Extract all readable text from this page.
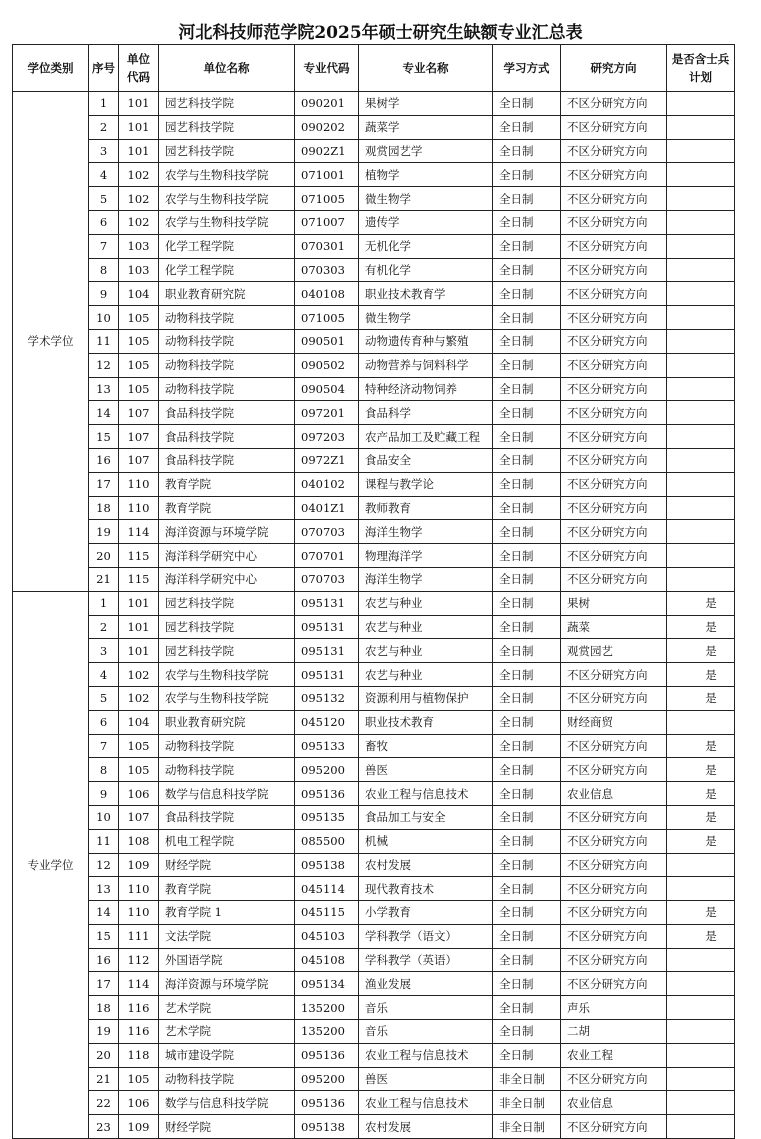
河北科技师范学院2025年硕士研究生缺额专业汇总表
学位类别	序号	单位代码	单位名称	专业代码	专业名称	学习方式	研究方向	是否含士兵计划
学术学位	1	101	园艺科技学院	090201	果树学	全日制	不区分研究方向	
	2	101	园艺科技学院	090202	蔬菜学	全日制	不区分研究方向	
	3	101	园艺科技学院	0902Z1	观赏园艺学	全日制	不区分研究方向	
	4	102	农学与生物科技学院	071001	植物学	全日制	不区分研究方向	
	5	102	农学与生物科技学院	071005	微生物学	全日制	不区分研究方向	
	6	102	农学与生物科技学院	071007	遗传学	全日制	不区分研究方向	
	7	103	化学工程学院	070301	无机化学	全日制	不区分研究方向	
	8	103	化学工程学院	070303	有机化学	全日制	不区分研究方向	
	9	104	职业教育研究院	040108	职业技术教育学	全日制	不区分研究方向	
	10	105	动物科技学院	071005	微生物学	全日制	不区分研究方向	
	11	105	动物科技学院	090501	动物遗传育种与繁殖	全日制	不区分研究方向	
	12	105	动物科技学院	090502	动物营养与饲料科学	全日制	不区分研究方向	
	13	105	动物科技学院	090504	特种经济动物饲养	全日制	不区分研究方向	
	14	107	食品科技学院	097201	食品科学	全日制	不区分研究方向	
	15	107	食品科技学院	097203	农产品加工及贮藏工程	全日制	不区分研究方向	
	16	107	食品科技学院	0972Z1	食品安全	全日制	不区分研究方向	
	17	110	教育学院	040102	课程与教学论	全日制	不区分研究方向	
	18	110	教育学院	0401Z1	教师教育	全日制	不区分研究方向	
	19	114	海洋资源与环境学院	070703	海洋生物学	全日制	不区分研究方向	
	20	115	海洋科学研究中心	070701	物理海洋学	全日制	不区分研究方向	
	21	115	海洋科学研究中心	070703	海洋生物学	全日制	不区分研究方向	
专业学位	1	101	园艺科技学院	095131	农艺与种业	全日制	果树	是
	2	101	园艺科技学院	095131	农艺与种业	全日制	蔬菜	是
	3	101	园艺科技学院	095131	农艺与种业	全日制	观赏园艺	是
	4	102	农学与生物科技学院	095131	农艺与种业	全日制	不区分研究方向	是
	5	102	农学与生物科技学院	095132	资源利用与植物保护	全日制	不区分研究方向	是
	6	104	职业教育研究院	045120	职业技术教育	全日制	财经商贸	
	7	105	动物科技学院	095133	畜牧	全日制	不区分研究方向	是
	8	105	动物科技学院	095200	兽医	全日制	不区分研究方向	是
	9	106	数学与信息科技学院	095136	农业工程与信息技术	全日制	农业信息	是
	10	107	食品科技学院	095135	食品加工与安全	全日制	不区分研究方向	是
	11	108	机电工程学院	085500	机械	全日制	不区分研究方向	是
	12	109	财经学院	095138	农村发展	全日制	不区分研究方向	
	13	110	教育学院	045114	现代教育技术	全日制	不区分研究方向	
	14	110	教育学院 1	045115	小学教育	全日制	不区分研究方向	是
	15	111	文法学院	045103	学科教学（语文）	全日制	不区分研究方向	是
	16	112	外国语学院	045108	学科教学（英语）	全日制	不区分研究方向	
	17	114	海洋资源与环境学院	095134	渔业发展	全日制	不区分研究方向	
	18	116	艺术学院	135200	音乐	全日制	声乐	
	19	116	艺术学院	135200	音乐	全日制	二胡	
	20	118	城市建设学院	095136	农业工程与信息技术	全日制	农业工程	
	21	105	动物科技学院	095200	兽医	非全日制	不区分研究方向	
	22	106	数学与信息科技学院	095136	农业工程与信息技术	非全日制	农业信息	
	23	109	财经学院	095138	农村发展	非全日制	不区分研究方向	
